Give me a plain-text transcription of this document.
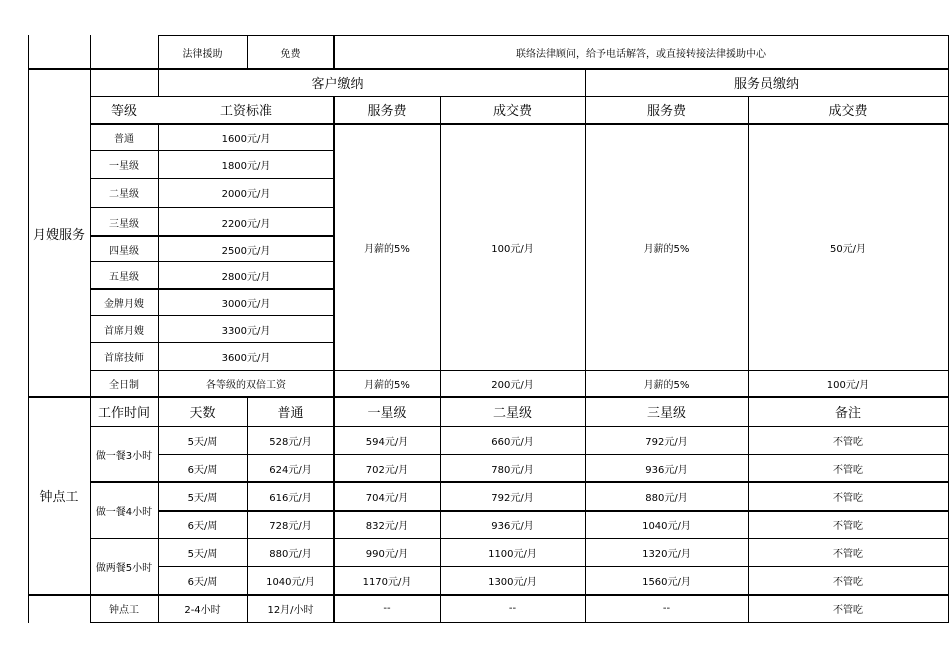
法律援助	免费	联络法律顾问，给予电话解答，或直接转接法律援助中心
月嫂服务
客户缴纳	服务员缴纳
等级	工资标准	服务费	成交费	服务费	成交费
普通	1600元/月
一星级	1800元/月
二星级	2000元/月
三星级	2200元/月
四星级	2500元/月
五星级	2800元/月
金牌月嫂	3000元/月
首席月嫂	3300元/月
首席技师	3600元/月
月薪的5%	100元/月	月薪的5%	50元/月
全日制	各等级的双倍工资	月薪的5%	200元/月	月薪的5%	100元/月
钟点工
工作时间	天数	普通	一星级	二星级	三星级	备注
做一餐3小时
5天/周	528元/月	594元/月	660元/月	792元/月	不管吃
6天/周	624元/月	702元/月	780元/月	936元/月	不管吃
做一餐4小时
5天/周	616元/月	704元/月	792元/月	880元/月	不管吃
6天/周	728元/月	832元/月	936元/月	1040元/月	不管吃
做两餐5小时
5天/周	880元/月	990元/月	1100元/月	1320元/月	不管吃
6天/周	1040元/月	1170元/月	1300元/月	1560元/月	不管吃
钟点工	2-4小时	12月/小时	--	--	--	不管吃
